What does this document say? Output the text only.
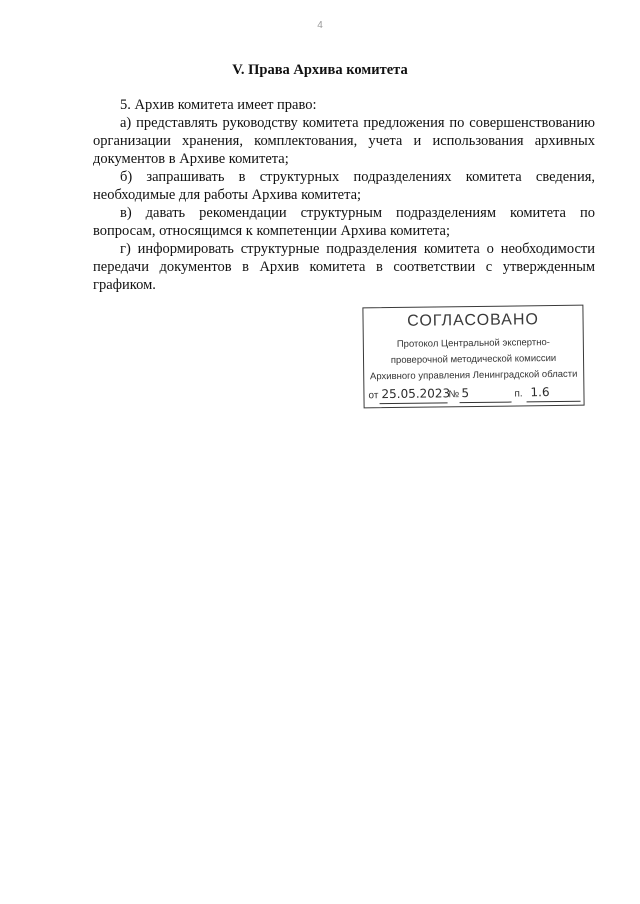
4
V. Права Архива комитета

5. Архив комитета имеет право:

а) представлять руководству комитета предложения по совершенствованию организации хранения, комплектования, учета и использования архивных документов в Архиве комитета;

б) запрашивать в структурных подразделениях комитета сведения, необходимые для работы Архива комитета;

в) давать рекомендации структурным подразделениям комитета по вопросам, относящимся к компетенции Архива комитета;

г) информировать структурные подразделения комитета о необходимости передачи документов в Архив комитета в соответствии с утвержденным графиком.

СОГЛАСОВАНО
Протокол Центральной экспертно-
проверочной методической комиссии
Архивного управления Ленинградской области
от 25.05.2023
№ 5	п. 1.6
